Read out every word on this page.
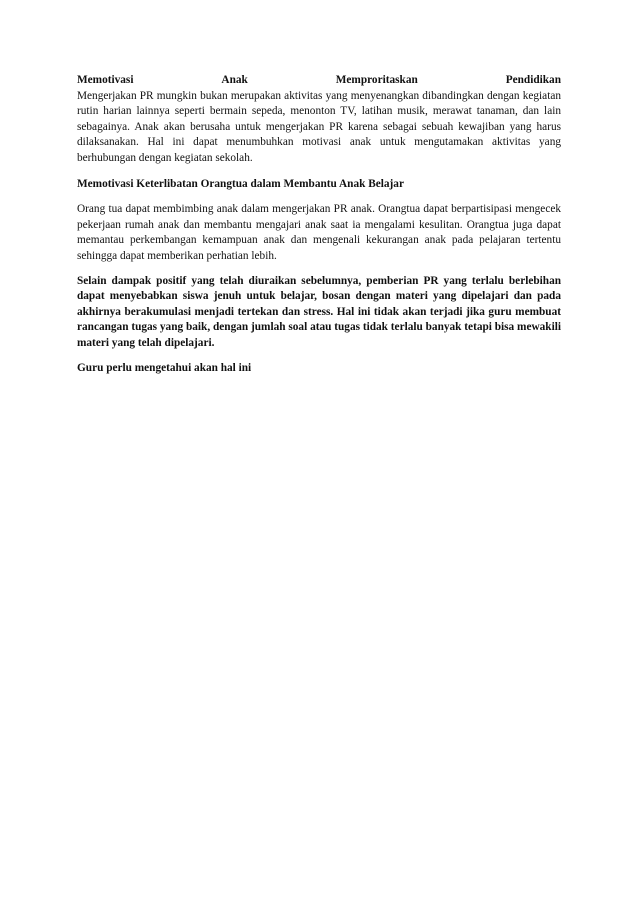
Memotivasi	Anak	Memproritaskan	Pendidikan

Mengerjakan PR mungkin bukan merupakan aktivitas yang menyenangkan dibandingkan dengan kegiatan rutin harian lainnya seperti bermain sepeda, menonton TV, latihan musik, merawat tanaman, dan lain sebagainya. Anak akan berusaha untuk mengerjakan PR karena sebagai sebuah kewajiban yang harus dilaksanakan. Hal ini dapat menumbuhkan motivasi anak untuk mengutamakan aktivitas yang berhubungan dengan kegiatan sekolah.

Memotivasi Keterlibatan Orangtua dalam Membantu Anak Belajar

Orang tua dapat membimbing anak dalam mengerjakan PR anak. Orangtua dapat berpartisipasi mengecek pekerjaan rumah anak dan membantu mengajari anak saat ia mengalami kesulitan. Orangtua juga dapat memantau perkembangan kemampuan anak dan mengenali kekurangan anak pada pelajaran tertentu sehingga dapat memberikan perhatian lebih.

Selain dampak positif yang telah diuraikan sebelumnya, pemberian PR yang terlalu berlebihan dapat menyebabkan siswa jenuh untuk belajar, bosan dengan materi yang dipelajari dan pada akhirnya berakumulasi menjadi tertekan dan stress. Hal ini tidak akan terjadi jika guru membuat rancangan tugas yang baik, dengan jumlah soal atau tugas tidak terlalu banyak tetapi bisa mewakili materi yang telah dipelajari.

Guru perlu mengetahui akan hal ini
